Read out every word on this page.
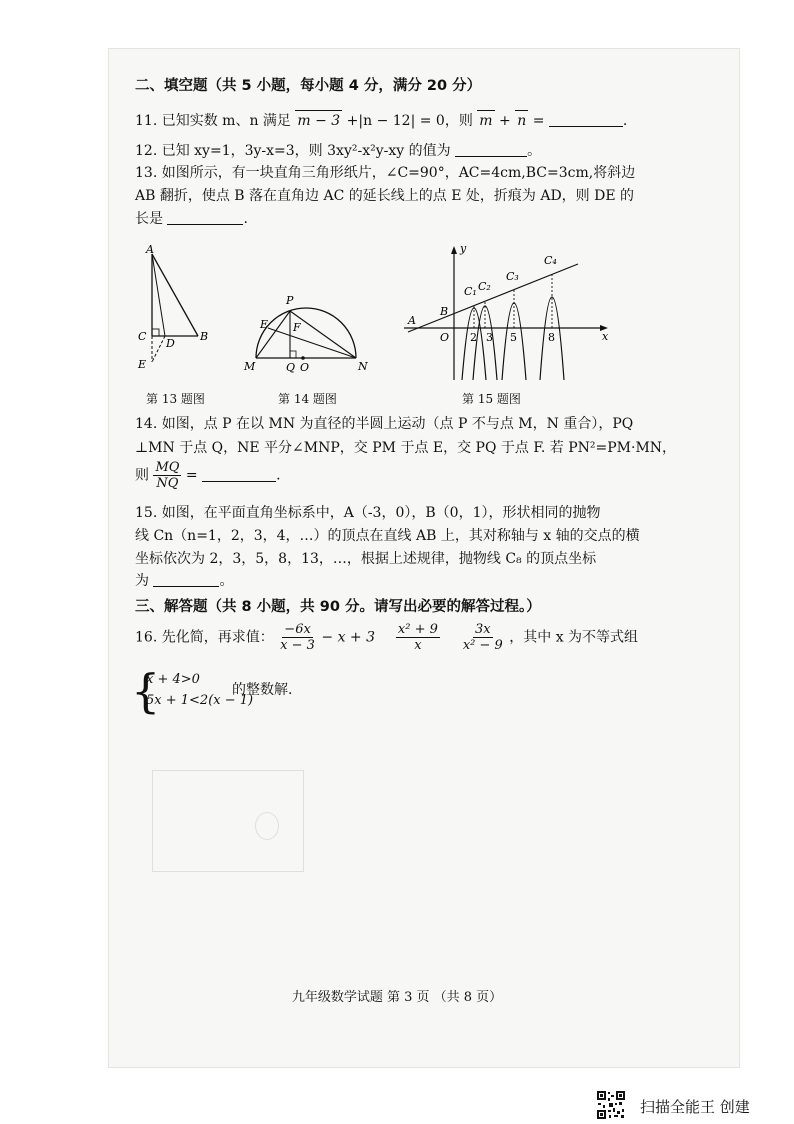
二、填空题（共 5 小题，每小题 4 分，满分 20 分）
11. 已知实数 m、n 满足 m − 3 +|n − 12| = 0，则 m + n =	.
12. 已知 xy=1，3y-x=3，则 3xy²-x²y-xy 的值为	。
13. 如图所示，有一块直角三角形纸片，∠C=90°，AC=4cm,BC=3cm,将斜边
AB 翻折，使点 B 落在直角边 AC 的延长线上的点 E 处，折痕为 AD，则 DE 的
长是	.
A
C
D
B
E
P
E F
M	Q O	N
y
x
A
B
O
C₁ C₂
C₃
C₄
2 3 5	8
第 13 题图	第 14 题图	第 15 题图
14. 如图，点 P 在以 MN 为直径的半圆上运动（点 P 不与点 M，N 重合），PQ
⊥MN 于点 Q，NE 平分∠MNP，交 PM 于点 E，交 PQ 于点 F. 若 PN²=PM·MN，
则 $\frac{MQ}{NQ}$ =	.
15. 如图，在平面直角坐标系中，A（-3，0），B（0，1），形状相同的抛物
线 Cn（n=1，2，3，4，…）的顶点在直线 AB 上，其对称轴与 x 轴的交点的横
坐标依次为 2，3，5，8，13，…，根据上述规律，抛物线 C₈ 的顶点坐标
为	。
三、解答题（共 8 小题，共 90 分。请写出必要的解答过程。）
16. 先化简，再求值： $\frac{-6x}{x - 3} - x + 3 \frac{\text{x² + 9}}{x}$
$\frac{3x}{\text{x² − 9}}$ ，其中 x 为不等式组
{
x + 4>0
5x + 1<2(x − 1)
的整数解.
九年级数学试题 第 3 页 （共 8 页）
扫描全能王 创建
